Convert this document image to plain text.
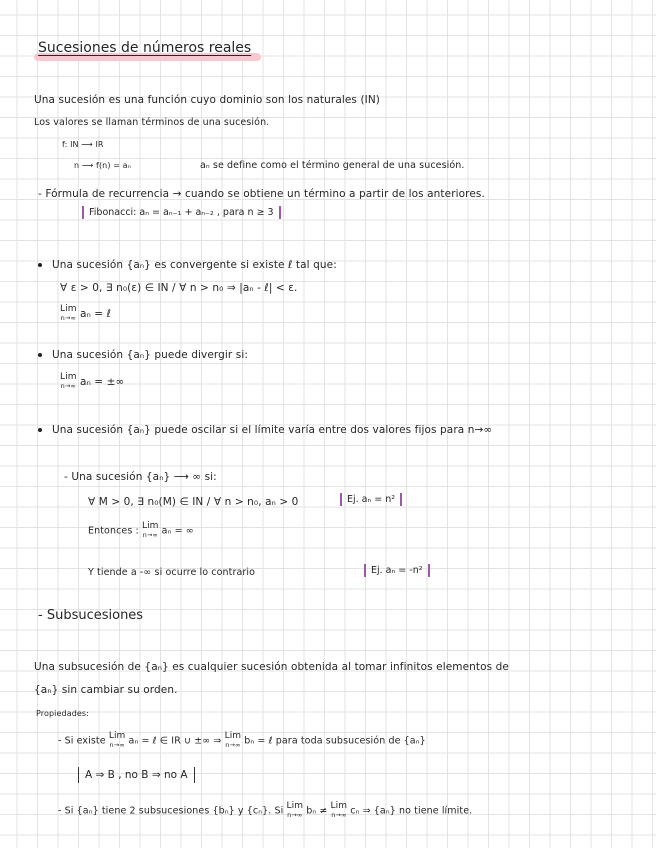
Sucesiones de números reales
Una sucesión es una función cuyo dominio son los naturales (IN)
Los valores se llaman términos de una sucesión.
f: IN ⟶ IR
n ⟶ f(n) = aₙ	aₙ se define como el término general de una sucesión.
- Fórmula de recurrencia → cuando se obtiene un término a partir de los anteriores.
Fibonacci: aₙ = aₙ₋₁ + aₙ₋₂ , para n ≥ 3
Una sucesión {aₙ} es convergente si existe ℓ tal que:
∀ ε > 0, ∃ n₀(ε) ∈ IN / ∀ n > n₀ ⇒ |aₙ - ℓ| < ε.
Lim
n→∞ aₙ = ℓ
Una sucesión {aₙ} puede divergir si:
Lim
n→∞ aₙ = ±∞
Una sucesión {aₙ} puede oscilar si el límite varía entre dos valores fijos para n→∞
- Una sucesión {aₙ} ⟶ ∞ si:
∀ M > 0, ∃ n₀(M) ∈ IN / ∀ n > n₀, aₙ > 0	Ej. aₙ = n²
Entonces : Lim
n→∞ aₙ = ∞
Y tiende a -∞ si ocurre lo contrario	Ej. aₙ = -n²
- Subsucesiones
Una subsucesión de {aₙ} es cualquier sucesión obtenida al tomar infinitos elementos de
{aₙ} sin cambiar su orden.
Propiedades:
- Si existe Lim
n→∞ aₙ = ℓ ∈ IR ∪ ±∞ ⇒ Lim
n→∞ bₙ = ℓ para toda subsucesión de {aₙ}
A ⇒ B , no B ⇒ no A
- Si {aₙ} tiene 2 subsucesiones {bₙ} y {cₙ}. Si Lim
n→∞ bₙ ≠ Lim
n→∞ cₙ ⇒ {aₙ} no tiene límite.
